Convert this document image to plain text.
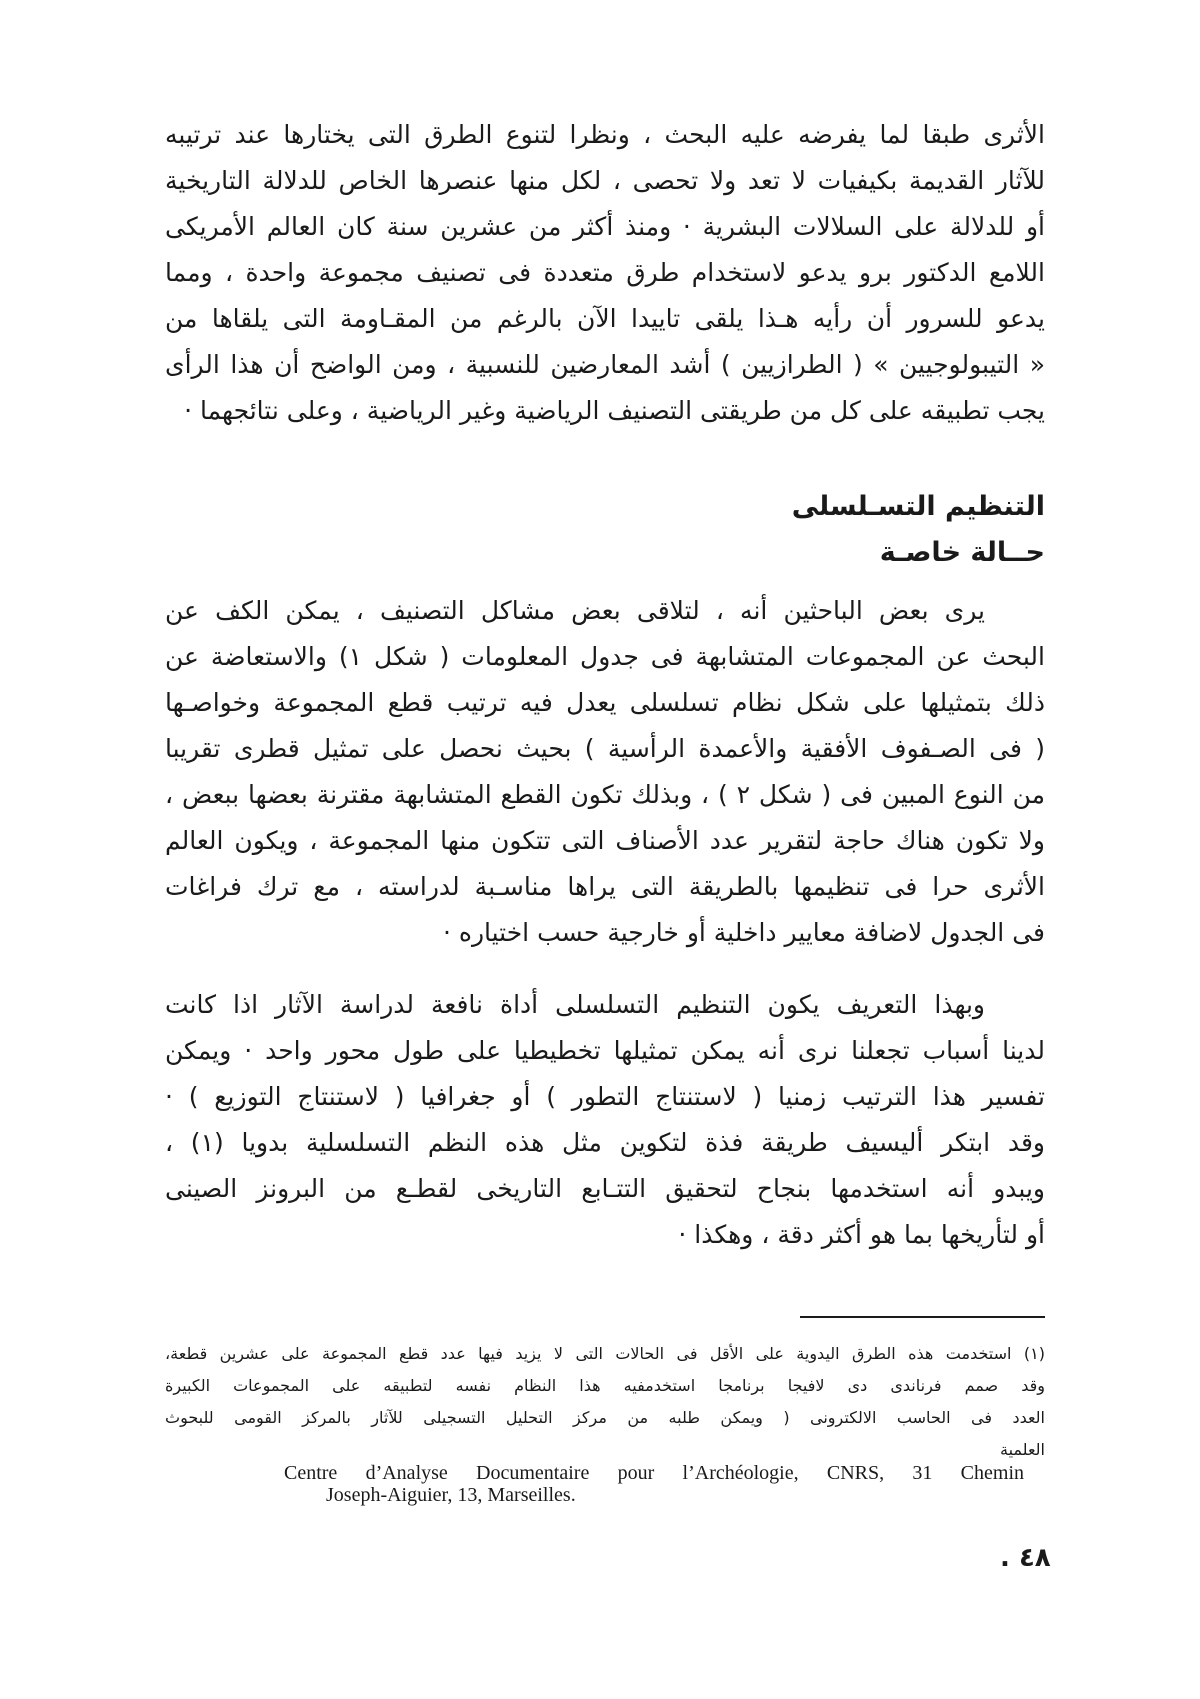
الأثرى طبقا لما يفرضه عليه البحث ، ونظرا لتنوع الطرق التى يختارها عند ترتيبه
للآثار القديمة بكيفيات لا تعد ولا تحصى ، لكل منها عنصرها الخاص للدلالة التاريخية
أو للدلالة على السلالات البشرية · ومنذ أكثر من عشرين سنة كان العالم الأمريكى
اللامع الدكتور برو يدعو لاستخدام طرق متعددة فى تصنيف مجموعة واحدة ، ومما
يدعو للسرور أن رأيه هـذا يلقى تاييدا الآن بالرغم من المقـاومة التى يلقاها من
« التيبولوجيين » ( الطرازيين ) أشد المعارضين للنسبية ، ومن الواضح أن هذا الرأى
يجب تطبيقه على كل من طريقتى التصنيف الرياضية وغير الرياضية ، وعلى نتائجهما ·
التنظيم التسـلسلى
حــالة خاصـة
يرى بعض الباحثين أنه ، لتلاقى بعض مشاكل التصنيف ، يمكن الكف عن
البحث عن المجموعات المتشابهة فى جدول المعلومات ( شكل ١) والاستعاضة عن
ذلك بتمثيلها على شكل نظام تسلسلى يعدل فيه ترتيب قطع المجموعة وخواصـها
( فى الصـفوف الأفقية والأعمدة الرأسية ) بحيث نحصل على تمثيل قطرى تقريبا
من النوع المبين فى ( شكل ٢ ) ، وبذلك تكون القطع المتشابهة مقترنة بعضها ببعض ،
ولا تكون هناك حاجة لتقرير عدد الأصناف التى تتكون منها المجموعة ، ويكون العالم
الأثرى حرا فى تنظيمها بالطريقة التى يراها مناسـبة لدراسته ، مع ترك فراغات
فى الجدول لاضافة معايير داخلية أو خارجية حسب اختياره ·
وبهذا التعريف يكون التنظيم التسلسلى أداة نافعة لدراسة الآثار اذا كانت
لدينا أسباب تجعلنا نرى أنه يمكن تمثيلها تخطيطيا على طول محور واحد · ويمكن
تفسير هذا الترتيب زمنيا ( لاستنتاج التطور ) أو جغرافيا ( لاستنتاج التوزيع ) ·
وقد ابتكر أليسيف طريقة فذة لتكوين مثل هذه النظم التسلسلية بدويا (١) ،
ويبدو أنه استخدمها بنجاح لتحقيق التتـابع التاريخى لقطـع من البرونز الصينى
أو لتأريخها بما هو أكثر دقة ، وهكذا ·
(١) استخدمت هذه الطرق اليدوية على الأقل فى الحالات التى لا يزيد فيها عدد قطع المجموعة على عشرين قطعة،
وقد صمم فرناندى دى لافيجا برنامجا استخدمفيه هذا النظام نفسه لتطبيقه على المجموعات الكبيرة
العدد فى الحاسب الالكترونى ( ويمكن طلبه من مركز التحليل التسجيلى للآثار بالمركز القومى للبحوث
العلمية
Centre d’Analyse Documentaire pour l’Archéologie, CNRS, 31 Chemin
Joseph-Aiguier, 13, Marseilles.
. ٤٨
